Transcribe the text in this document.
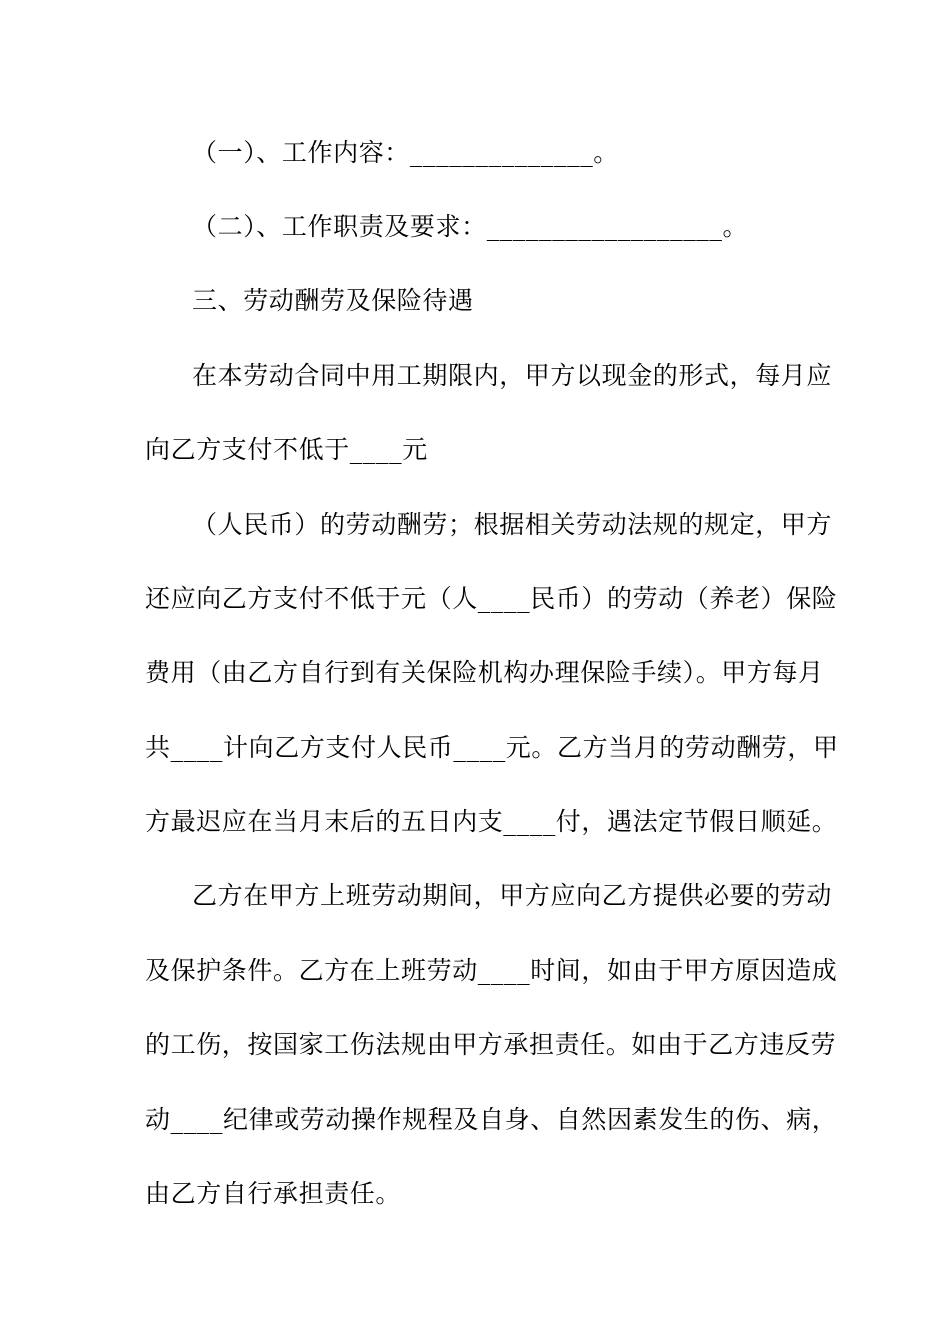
（一）、工作内容：______________。
（二）、工作职责及要求：__________________。
三、劳动酬劳及保险待遇
在本劳动合同中用工期限内，甲方以现金的形式，每月应
向乙方支付不低于____元
（人民币）的劳动酬劳；根据相关劳动法规的规定，甲方
还应向乙方支付不低于元（人____民币）的劳动（养老）保险
费用（由乙方自行到有关保险机构办理保险手续）。甲方每月
共____计向乙方支付人民币____元。乙方当月的劳动酬劳，甲
方最迟应在当月末后的五日内支____付，遇法定节假日顺延。
乙方在甲方上班劳动期间，甲方应向乙方提供必要的劳动
及保护条件。乙方在上班劳动____时间，如由于甲方原因造成
的工伤，按国家工伤法规由甲方承担责任。如由于乙方违反劳
动____纪律或劳动操作规程及自身、自然因素发生的伤、病，
由乙方自行承担责任。
